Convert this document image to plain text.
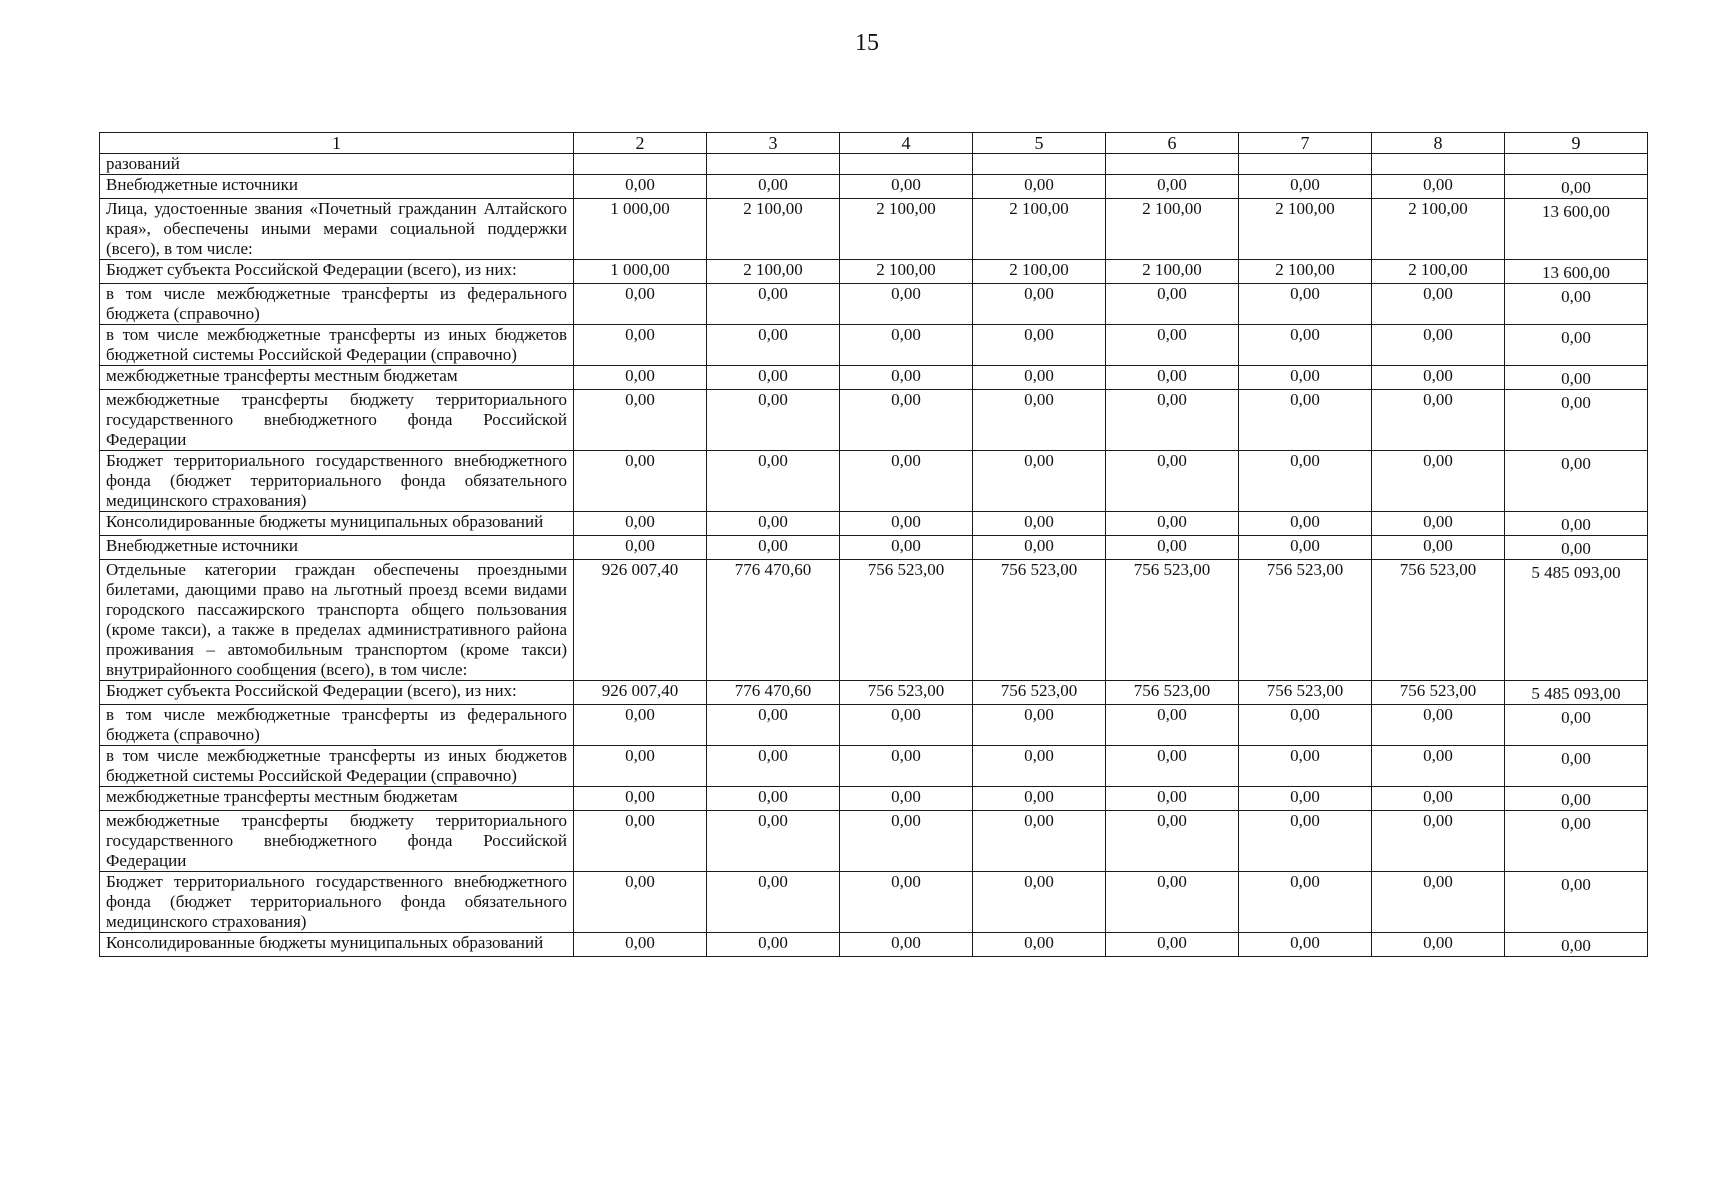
15
1	2	3	4	5	6	7	8	9
разований								
Внебюджетные источники	0,00	0,00	0,00	0,00	0,00	0,00	0,00	0,00
Лица, удостоенные звания «Почетный гражданин Алтайского края», обеспечены иными мерами социальной поддержки (всего), в том числе:	1 000,00	2 100,00	2 100,00	2 100,00	2 100,00	2 100,00	2 100,00	13 600,00
Бюджет субъекта Российской Федерации (всего), из них:	1 000,00	2 100,00	2 100,00	2 100,00	2 100,00	2 100,00	2 100,00	13 600,00
в том числе межбюджетные трансферты из федерального бюджета (справочно)	0,00	0,00	0,00	0,00	0,00	0,00	0,00	0,00
в том числе межбюджетные трансферты из иных бюджетов бюджетной системы Российской Федерации (справочно)	0,00	0,00	0,00	0,00	0,00	0,00	0,00	0,00
межбюджетные трансферты местным бюджетам	0,00	0,00	0,00	0,00	0,00	0,00	0,00	0,00
межбюджетные трансферты бюджету территориального государственного внебюджетного фонда Российской Федерации	0,00	0,00	0,00	0,00	0,00	0,00	0,00	0,00
Бюджет территориального государственного внебюджетного фонда (бюджет территориального фонда обязательного медицинского страхования)	0,00	0,00	0,00	0,00	0,00	0,00	0,00	0,00
Консолидированные бюджеты муниципальных образований	0,00	0,00	0,00	0,00	0,00	0,00	0,00	0,00
Внебюджетные источники	0,00	0,00	0,00	0,00	0,00	0,00	0,00	0,00
Отдельные категории граждан обеспечены проездными билетами, дающими право на льготный проезд всеми видами городского пассажирского транспорта общего пользования (кроме такси), а также в пределах административного района проживания – автомобильным транспортом (кроме такси) внутрирайонного сообщения (всего), в том числе:	926 007,40	776 470,60	756 523,00	756 523,00	756 523,00	756 523,00	756 523,00	5 485 093,00
Бюджет субъекта Российской Федерации (всего), из них:	926 007,40	776 470,60	756 523,00	756 523,00	756 523,00	756 523,00	756 523,00	5 485 093,00
в том числе межбюджетные трансферты из федерального бюджета (справочно)	0,00	0,00	0,00	0,00	0,00	0,00	0,00	0,00
в том числе межбюджетные трансферты из иных бюджетов бюджетной системы Российской Федерации (справочно)	0,00	0,00	0,00	0,00	0,00	0,00	0,00	0,00
межбюджетные трансферты местным бюджетам	0,00	0,00	0,00	0,00	0,00	0,00	0,00	0,00
межбюджетные трансферты бюджету территориального государственного внебюджетного фонда Российской Федерации	0,00	0,00	0,00	0,00	0,00	0,00	0,00	0,00
Бюджет территориального государственного внебюджетного фонда (бюджет территориального фонда обязательного медицинского страхования)	0,00	0,00	0,00	0,00	0,00	0,00	0,00	0,00
Консолидированные бюджеты муниципальных образований	0,00	0,00	0,00	0,00	0,00	0,00	0,00	0,00
